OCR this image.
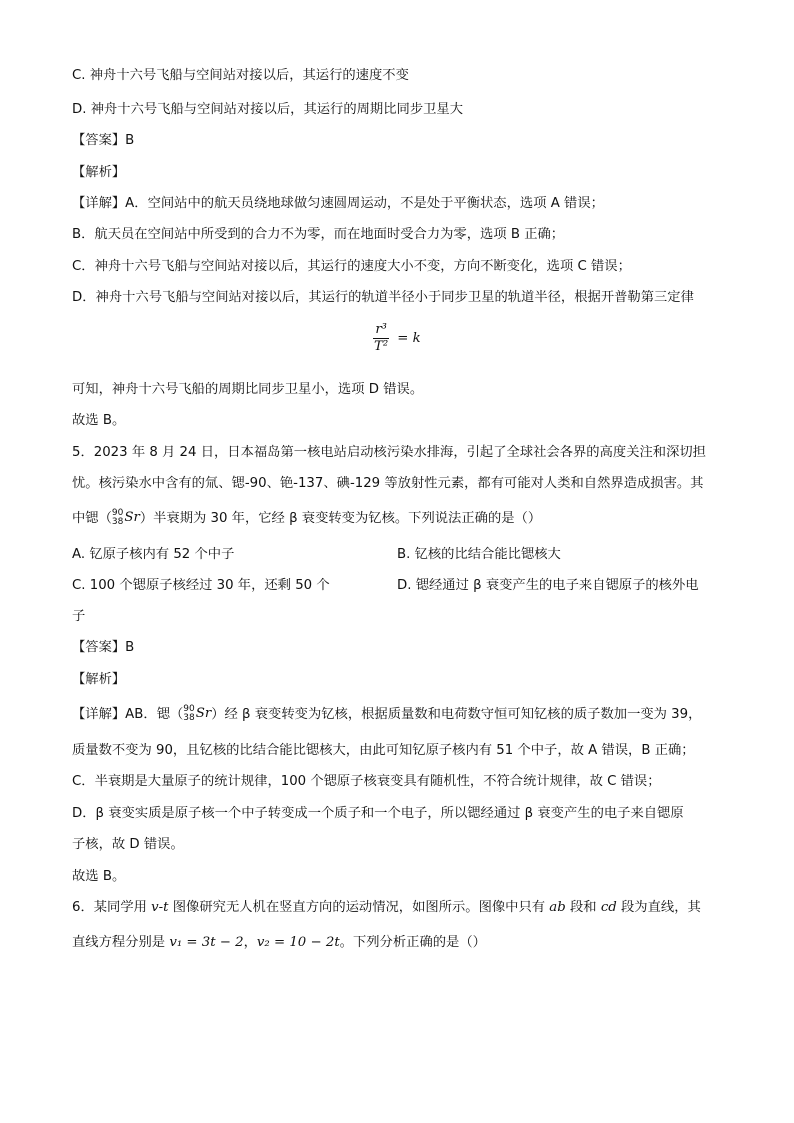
C. 神舟十六号飞船与空间站对接以后，其运行的速度不变
D. 神舟十六号飞船与空间站对接以后，其运行的周期比同步卫星大
【答案】B
【解析】
【详解】A．空间站中的航天员绕地球做匀速圆周运动，不是处于平衡状态，选项 A 错误；
B．航天员在空间站中所受到的合力不为零，而在地面时受合力为零，选项 B 正确；
C．神舟十六号飞船与空间站对接以后，其运行的速度大小不变，方向不断变化，选项 C 错误；
D．神舟十六号飞船与空间站对接以后，其运行的轨道半径小于同步卫星的轨道半径，根据开普勒第三定律
$\frac{\text{r³}}{\text{T²}} = k$
可知，神舟十六号飞船的周期比同步卫星小，选项 D 错误。
故选 B。
5．2023 年 8 月 24 日，日本福岛第一核电站启动核污染水排海，引起了全球社会各界的高度关注和深切担
忧。核污染水中含有的氚、锶-90、铯-137、碘-129 等放射性元素，都有可能对人类和自然界造成损害。其
中锶（ 90
38 Sr ）半衰期为 30 年，它经 β 衰变转变为钇核。下列说法正确的是（）
A. 钇原子核内有 52 个中子	B. 钇核的比结合能比锶核大
C. 100 个锶原子核经过 30 年，还剩 50 个	D. 锶经通过 β 衰变产生的电子来自锶原子的核外电
子
【答案】B
【解析】
【详解】AB．锶（ 90
38 Sr ）经 β 衰变转变为钇核，根据质量数和电荷数守恒可知钇核的质子数加一变为 39，
质量数不变为 90，且钇核的比结合能比锶核大，由此可知钇原子核内有 51 个中子，故 A 错误，B 正确；
C．半衰期是大量原子的统计规律，100 个锶原子核衰变具有随机性，不符合统计规律，故 C 错误；
D．β 衰变实质是原子核一个中子转变成一个质子和一个电子，所以锶经通过 β 衰变产生的电子来自锶原
子核，故 D 错误。
故选 B。
6．某同学用 v-t 图像研究无人机在竖直方向的运动情况，如图所示。图像中只有 ab 段和 cd 段为直线，其
直线方程分别是 v₁ = 3t − 2，v₂ = 10 − 2t。下列分析正确的是（）
